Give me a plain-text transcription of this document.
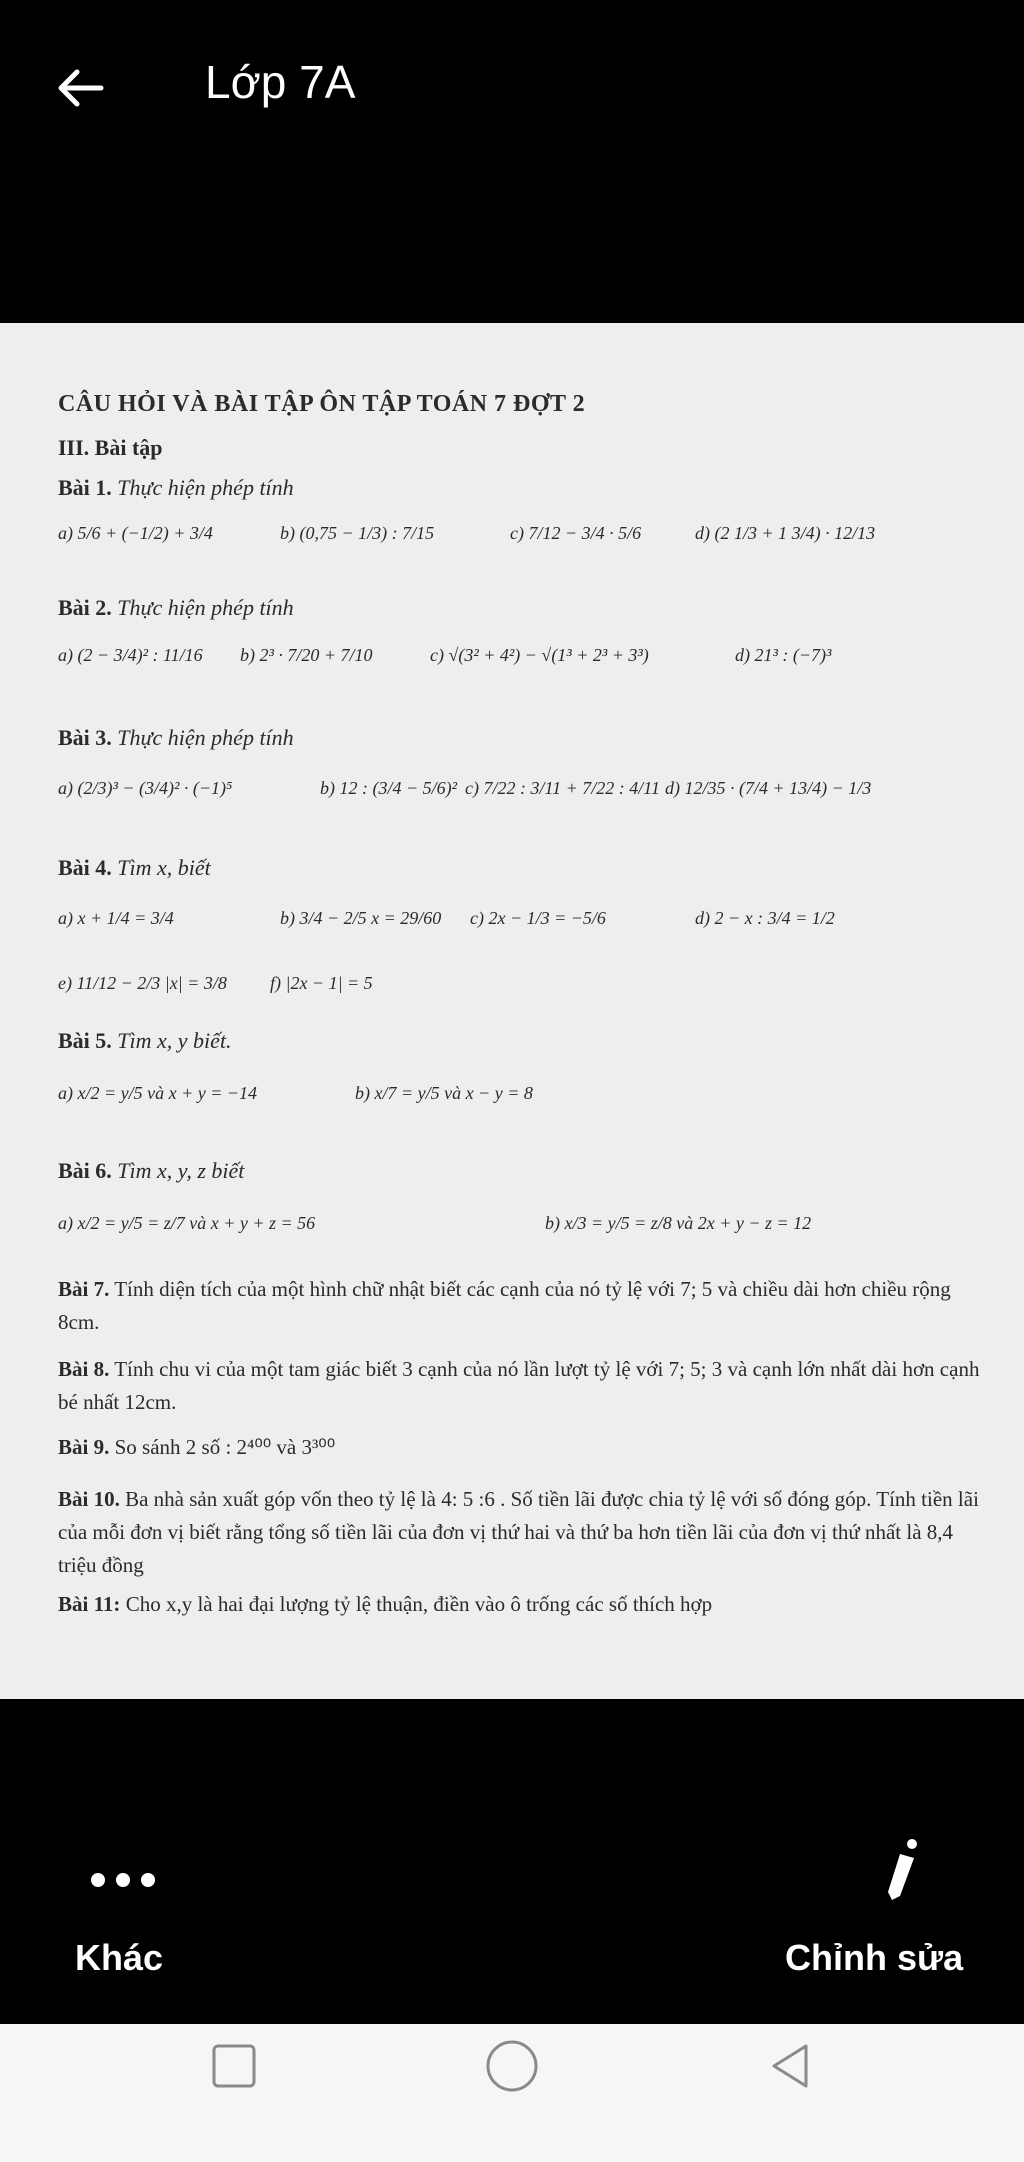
Lớp 7A
CÂU HỎI VÀ BÀI TẬP ÔN TẬP TOÁN 7 ĐỢT 2
III. Bài tập
Bài 1. Thực hiện phép tính
a) 5/6 + (−1/2) + 3/4	b) (0,75 − 1/3) : 7/15	c) 7/12 − 3/4 · 5/6	d) (2 1/3 + 1 3/4) · 12/13
Bài 2. Thực hiện phép tính
a) (2 − 3/4)² : 11/16 b) 2³ · 7/20 + 7/10	c) √(3² + 4²) − √(1³ + 2³ + 3³)	d) 21³ : (−7)³
Bài 3. Thực hiện phép tính
a) (2/3)³ − (3/4)² · (−1)⁵	b) 12 : (3/4 − 5/6)² c) 7/22 : 3/11 + 7/22 : 4/11 d) 12/35 · (7/4 + 13/4) − 1/3
Bài 4. Tìm x, biết
a) x + 1/4 = 3/4	b) 3/4 − 2/5 x = 29/60 c) 2x − 1/3 = −5/6	d) 2 − x : 3/4 = 1/2
e) 11/12 − 2/3 |x| = 3/8 f) |2x − 1| = 5
Bài 5. Tìm x, y biết.
a) x/2 = y/5 và x + y = −14	b) x/7 = y/5 và x − y = 8
Bài 6. Tìm x, y, z biết
a) x/2 = y/5 = z/7 và x + y + z = 56	b) x/3 = y/5 = z/8 và 2x + y − z = 12
Bài 7. Tính diện tích của một hình chữ nhật biết các cạnh của nó tỷ lệ với 7; 5 và chiều dài hơn chiều rộng 8cm.
Bài 8. Tính chu vi của một tam giác biết 3 cạnh của nó lần lượt tỷ lệ với 7; 5; 3 và cạnh lớn nhất dài hơn cạnh bé nhất 12cm.
Bài 9. So sánh 2 số : 2⁴⁰⁰ và 3³⁰⁰
Bài 10. Ba nhà sản xuất góp vốn theo tỷ lệ là 4: 5 :6 . Số tiền lãi được chia tỷ lệ với số đóng góp. Tính tiền lãi của mỗi đơn vị biết rằng tổng số tiền lãi của đơn vị thứ hai và thứ ba hơn tiền lãi của đơn vị thứ nhất là 8,4 triệu đồng
Bài 11: Cho x,y là hai đại lượng tỷ lệ thuận, điền vào ô trống các số thích hợp
Khác	Chỉnh sửa
